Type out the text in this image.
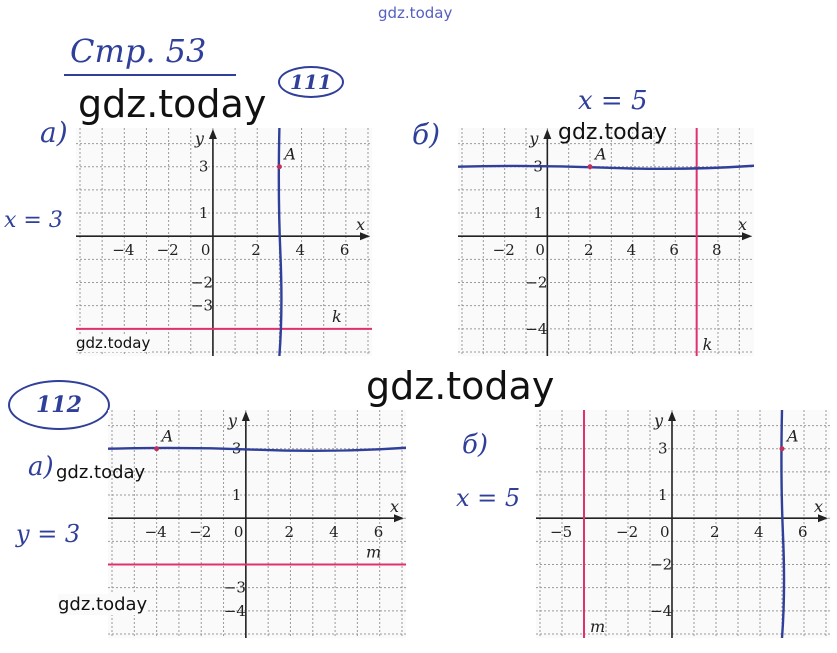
gdz.today
gdz.today
gdz.today
Стр. 53
111
112
а)	б)
а)
б)
x = 3
x = 5
y = 3
x = 5
x
y
−4 −2 0	2 4 6
3
1
−2
−3
k
A
x
y
−2 0	2 4 6 8
3
1
−2
−4
k
A
x
y
−4 −2 0	2 4 6
3
1
−3
−4
m
A
x
y
−5	−2 0	2 4 6
3
1
−2
−4
m
A
gdz.today
gdz.today
gdz.today
gdz.today
